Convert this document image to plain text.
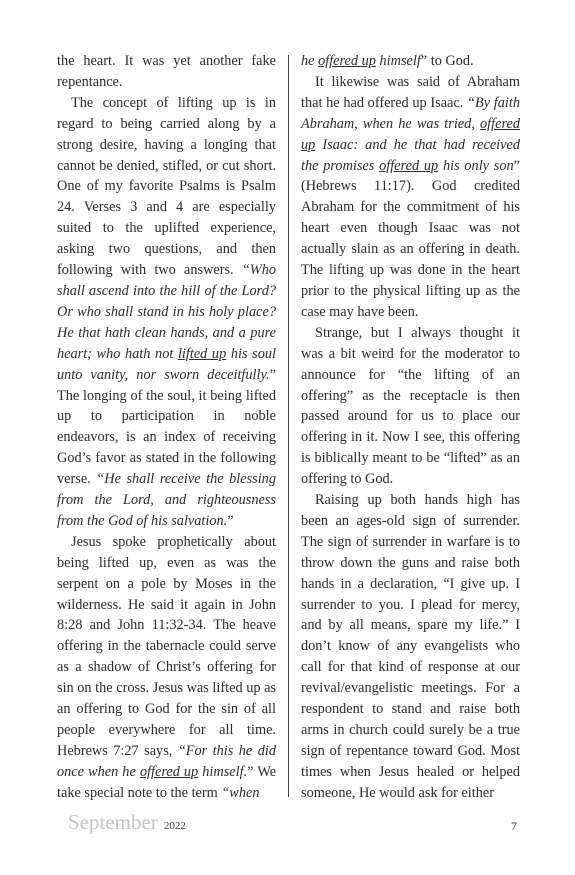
the heart. It was yet another fake repentance.

The concept of lifting up is in regard to being carried along by a strong desire, having a longing that cannot be denied, stifled, or cut short. One of my favorite Psalms is Psalm 24. Verses 3 and 4 are especially suited to the uplifted experience, asking two questions, and then following with two answers. “Who shall ascend into the hill of the Lord? Or who shall stand in his holy place? He that hath clean hands, and a pure heart; who hath not lifted up his soul unto vanity, nor sworn deceitfully.” The longing of the soul, it being lifted up to participation in noble endeavors, is an index of receiving God’s favor as stated in the following verse. “He shall receive the blessing from the Lord, and righteousness from the God of his salvation.”

Jesus spoke prophetically about being lifted up, even as was the serpent on a pole by Moses in the wilderness. He said it again in John 8:28 and John 11:32-34. The heave offering in the tabernacle could serve as a shadow of Christ’s offering for sin on the cross. Jesus was lifted up as an offering to God for the sin of all people everywhere for all time. Hebrews 7:27 says, “For this he did once when he offered up himself.” We take special note to the term “when

he offered up himself” to God.

It likewise was said of Abraham that he had offered up Isaac. “By faith Abraham, when he was tried, offered up Isaac: and he that had received the promises offered up his only son” (Hebrews 11:17). God credited Abraham for the commitment of his heart even though Isaac was not actually slain as an offering in death. The lifting up was done in the heart prior to the physical lifting up as the case may have been.

Strange, but I always thought it was a bit weird for the moderator to announce for “the lifting of an offering” as the receptacle is then passed around for us to place our offering in it. Now I see, this offering is biblically meant to be “lifted” as an offering to God.

Raising up both hands high has been an ages-old sign of surrender. The sign of surrender in warfare is to throw down the guns and raise both hands in a declaration, “I give up. I surrender to you. I plead for mercy, and by all means, spare my life.” I don’t know of any evangelists who call for that kind of response at our revival/evangelistic meetings. For a respondent to stand and raise both arms in church could surely be a true sign of repentance toward God. Most times when Jesus healed or helped someone, He would ask for either

September 2022	7
